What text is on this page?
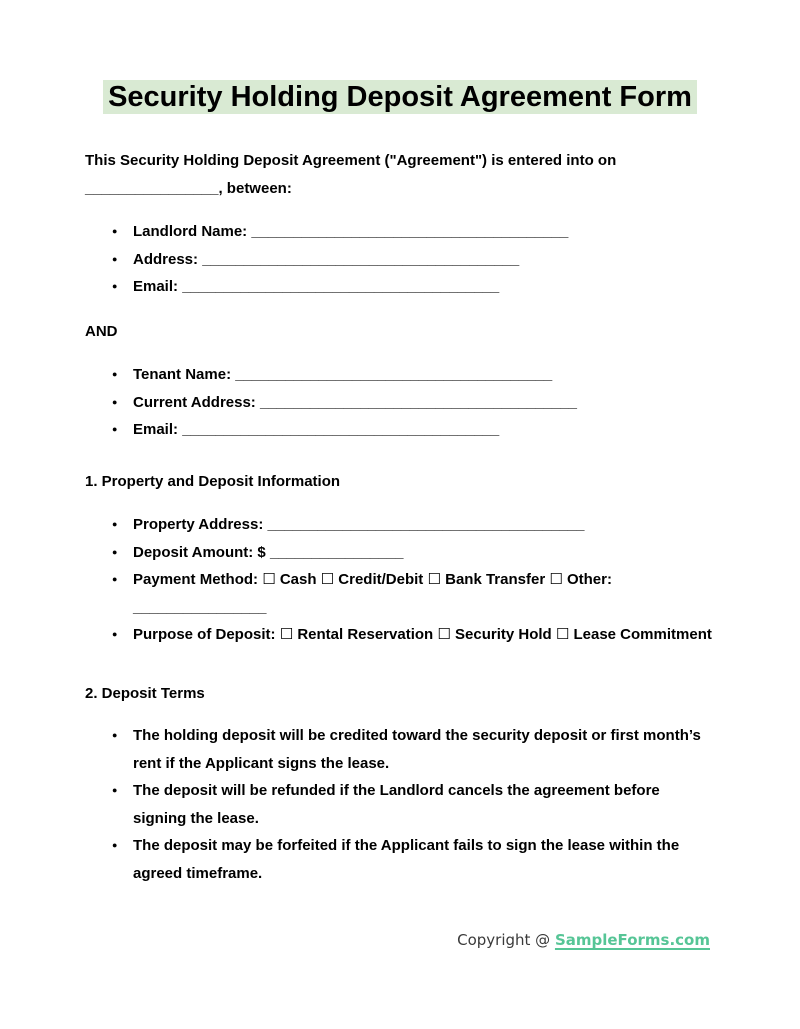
Security Holding Deposit Agreement Form

This Security Holding Deposit Agreement ("Agreement") is entered into on ________________, between:

● Landlord Name: ______________________________________
● Address: ______________________________________
● Email: ______________________________________

AND

● Tenant Name: ______________________________________
● Current Address: ______________________________________
● Email: ______________________________________
1. Property and Deposit Information
● Property Address: ______________________________________
● Deposit Amount: $ ________________
● Payment Method: ☐ Cash ☐ Credit/Debit ☐ Bank Transfer ☐ Other: ________________
● Purpose of Deposit: ☐ Rental Reservation ☐ Security Hold ☐ Lease Commitment
2. Deposit Terms
● The holding deposit will be credited toward the security deposit or first month’s rent if the Applicant signs the lease.
● The deposit will be refunded if the Landlord cancels the agreement before signing the lease.
● The deposit may be forfeited if the Applicant fails to sign the lease within the agreed timeframe.
Copyright @ SampleForms.com
